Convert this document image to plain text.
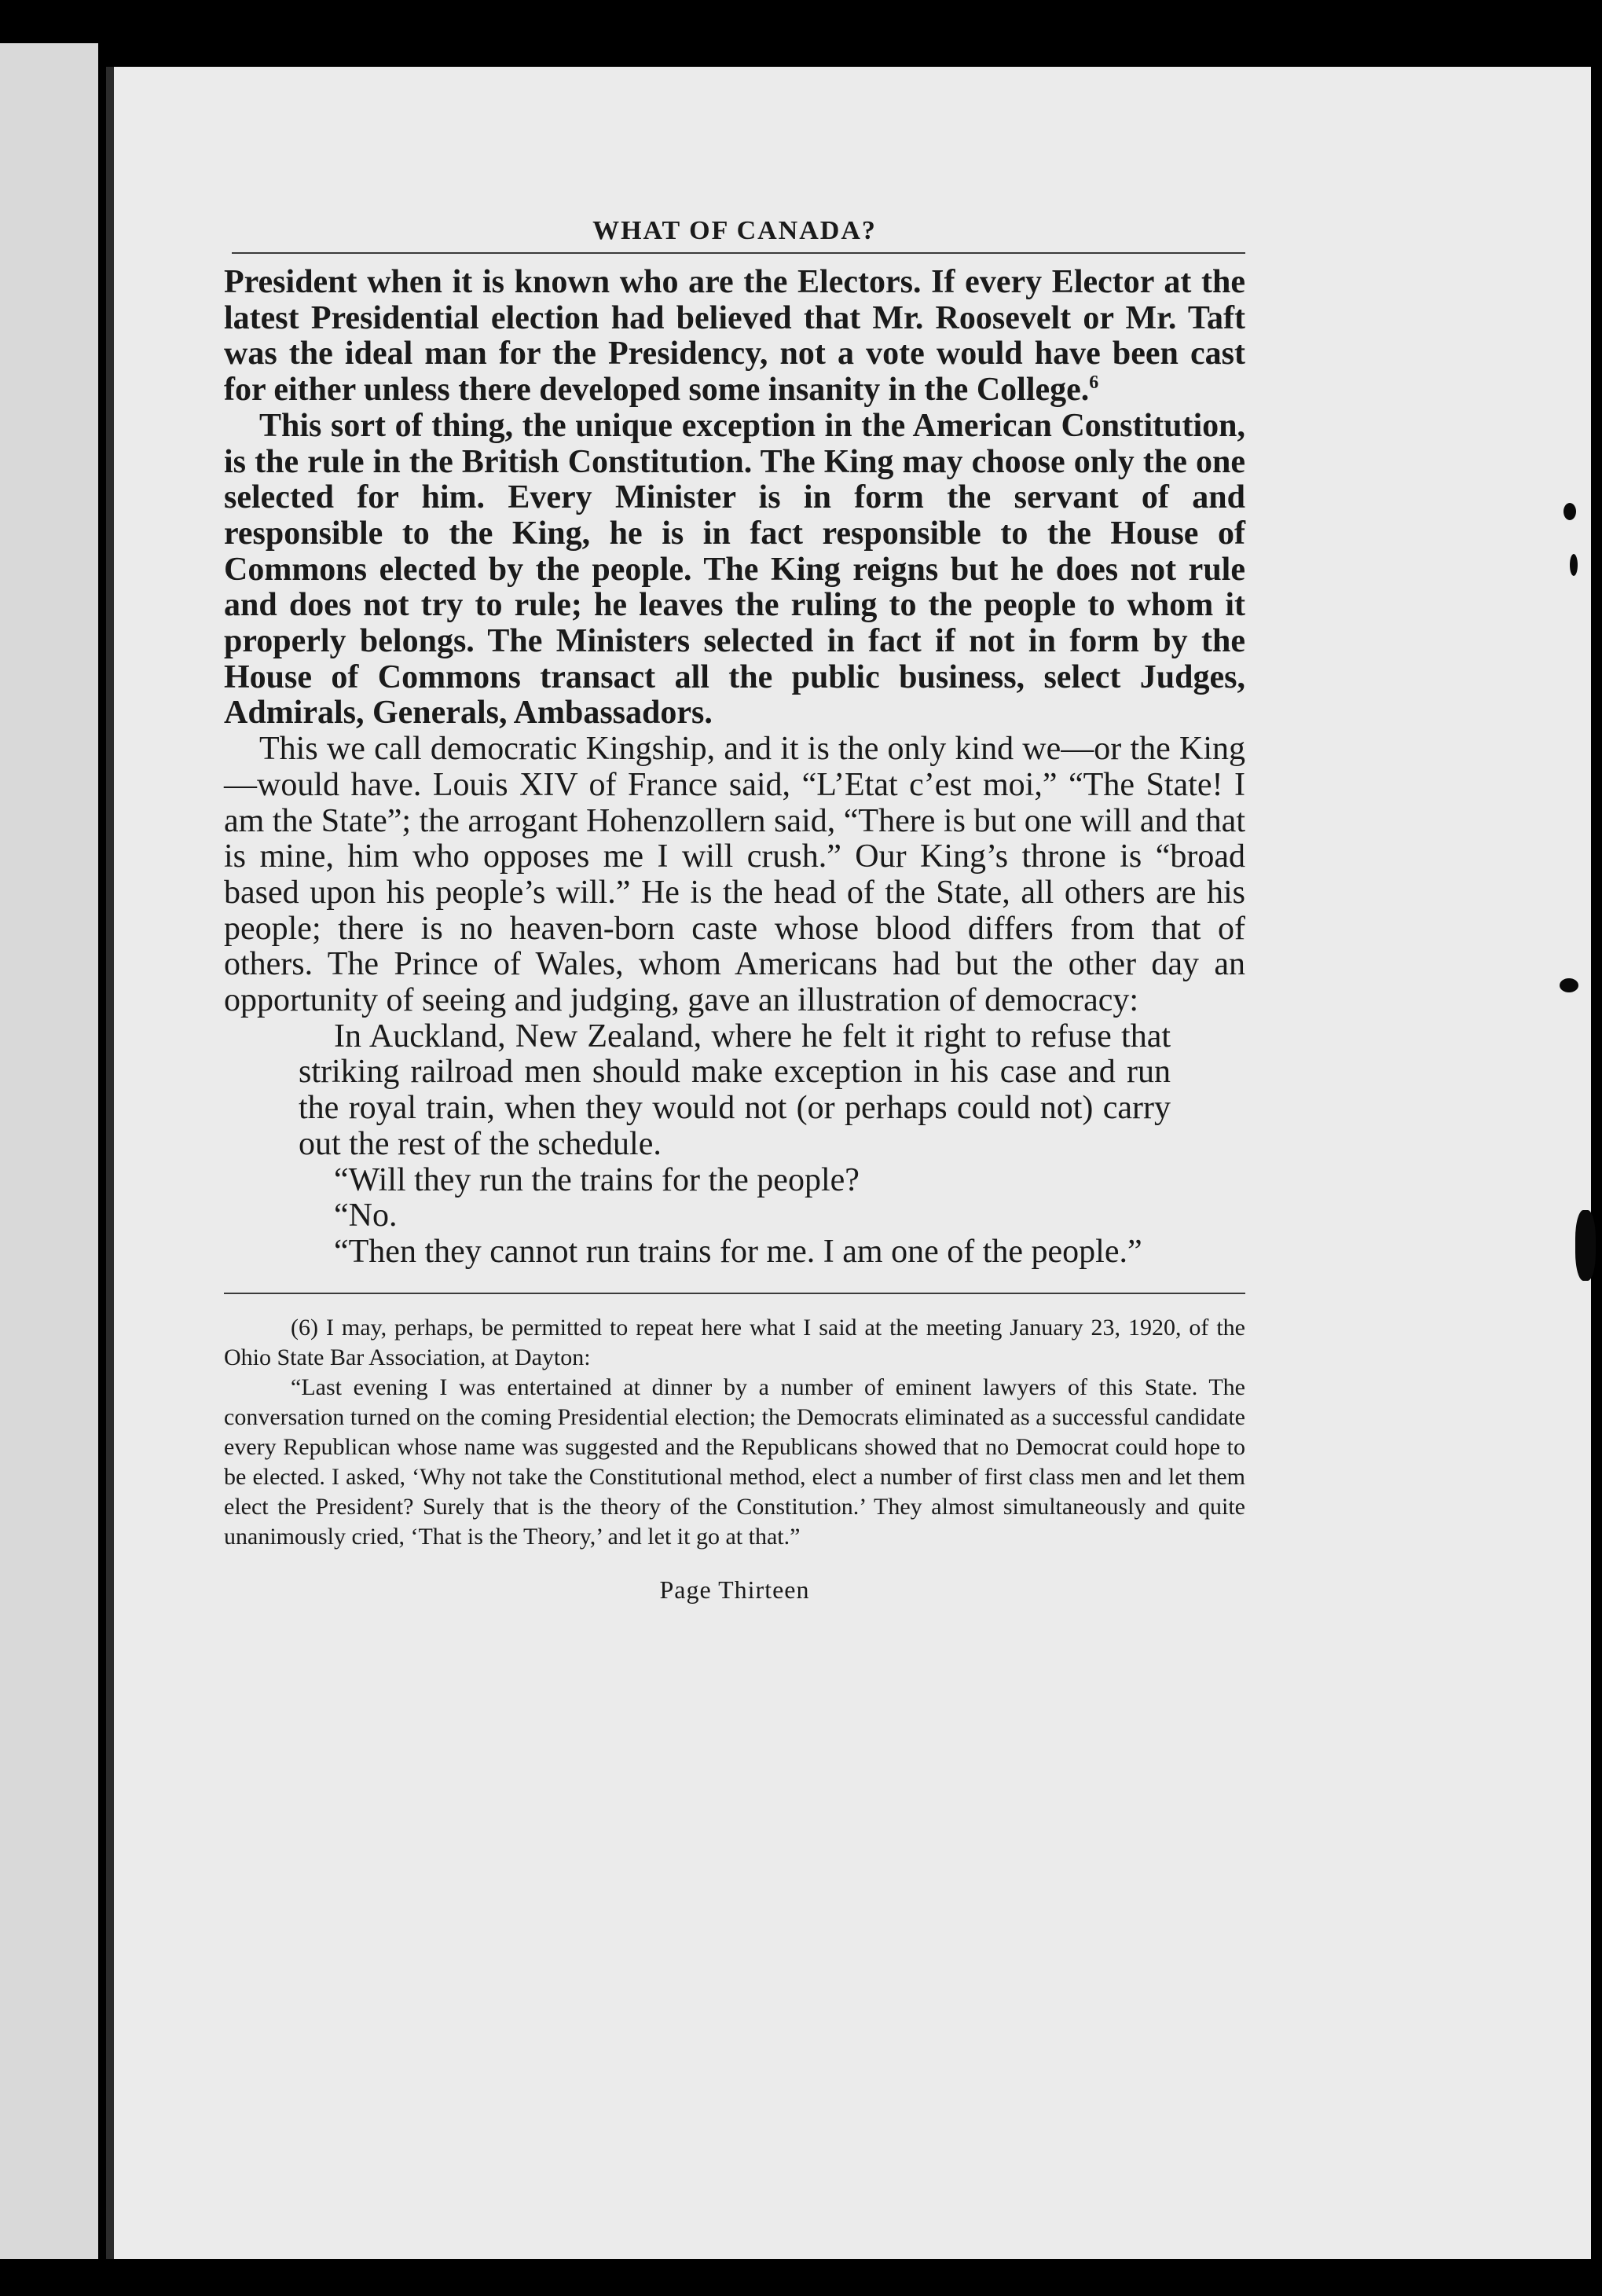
WHAT OF CANADA?

President when it is known who are the Electors. If every Elector at the latest Presidential election had believed that Mr. Roosevelt or Mr. Taft was the ideal man for the Presidency, not a vote would have been cast for either unless there developed some insanity in the College.$^6$

This sort of thing, the unique exception in the American Constitution, is the rule in the British Constitution. The King may choose only the one selected for him. Every Minister is in form the servant of and responsible to the King, he is in fact responsible to the House of Commons elected by the people. The King reigns but he does not rule and does not try to rule; he leaves the ruling to the people to whom it properly belongs. The Ministers selected in fact if not in form by the House of Commons transact all the public business, select Judges, Admirals, Generals, Ambassadors.

This we call democratic Kingship, and it is the only kind we—or the King—would have. Louis XIV of France said, “L’Etat c’est moi,” “The State! I am the State”; the arrogant Hohenzollern said, “There is but one will and that is mine, him who opposes me I will crush.” Our King’s throne is “broad based upon his people’s will.” He is the head of the State, all others are his people; there is no heaven-born caste whose blood differs from that of others. The Prince of Wales, whom Americans had but the other day an opportunity of seeing and judging, gave an illustration of democracy:

In Auckland, New Zealand, where he felt it right to refuse that striking railroad men should make exception in his case and run the royal train, when they would not (or perhaps could not) carry out the rest of the schedule.

“Will they run the trains for the people?

“No.

“Then they cannot run trains for me. I am one of the people.”

(6) I may, perhaps, be permitted to repeat here what I said at the meeting January 23, 1920, of the Ohio State Bar Association, at Dayton:

“Last evening I was entertained at dinner by a number of eminent lawyers of this State. The conversation turned on the coming Presidential election; the Democrats eliminated as a successful candidate every Republican whose name was suggested and the Republicans showed that no Democrat could hope to be elected. I asked, ‘Why not take the Constitutional method, elect a number of first class men and let them elect the President? Surely that is the theory of the Constitution.’ They almost simultaneously and quite unanimously cried, ‘That is the Theory,’ and let it go at that.”

Page Thirteen
